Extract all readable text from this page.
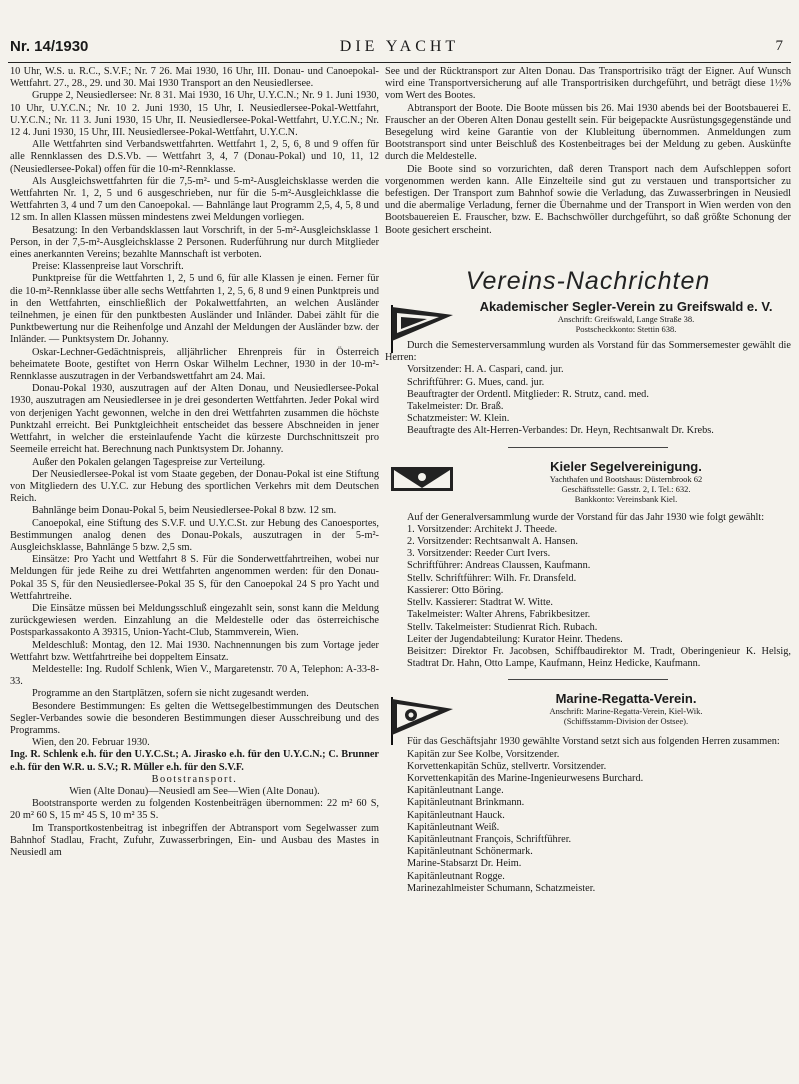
Nr. 14/1930	DIE YACHT	7

10 Uhr, W.S. u. R.C., S.V.F.; Nr. 7 26. Mai 1930, 16 Uhr, III. Donau- und Canoepokal-Wettfahrt. 27., 28., 29. und 30. Mai 1930 Transport an den Neusiedlersee.

Gruppe 2, Neusiedlersee: Nr. 8 31. Mai 1930, 16 Uhr, U.Y.C.N.; Nr. 9 1. Juni 1930, 10 Uhr, U.Y.C.N.; Nr. 10 2. Juni 1930, 15 Uhr, I. Neusiedlersee-Pokal-Wettfahrt, U.Y.C.N.; Nr. 11 3. Juni 1930, 15 Uhr, II. Neusiedlersee-Pokal-Wettfahrt, U.Y.C.N.; Nr. 12 4. Juni 1930, 15 Uhr, III. Neusiedlersee-Pokal-Wettfahrt, U.Y.C.N.

Alle Wettfahrten sind Verbandswettfahrten. Wettfahrt 1, 2, 5, 6, 8 und 9 offen für alle Rennklassen des D.S.Vb. — Wettfahrt 3, 4, 7 (Donau-Pokal) und 10, 11, 12 (Neusiedlersee-Pokal) offen für die 10-m²-Rennklasse.

Als Ausgleichswettfahrten für die 7,5-m²- und 5-m²-Ausgleichsklasse werden die Wettfahrten Nr. 1, 2, 5 und 6 ausgeschrieben, nur für die 5-m²-Ausgleichklasse die Wettfahrten 3, 4 und 7 um den Canoepokal. — Bahnlänge laut Programm 2,5, 4, 5, 8 und 12 sm. In allen Klassen müssen mindestens zwei Meldungen vorliegen.

Besatzung: In den Verbandsklassen laut Vorschrift, in der 5-m²-Ausgleichsklasse 1 Person, in der 7,5-m²-Ausgleichsklasse 2 Personen. Ruderführung nur durch Mitglieder eines anerkannten Vereins; bezahlte Mannschaft ist verboten.

Preise: Klassenpreise laut Vorschrift.

Punktpreise für die Wettfahrten 1, 2, 5 und 6, für alle Klassen je einen. Ferner für die 10-m²-Rennklasse über alle sechs Wettfahrten 1, 2, 5, 6, 8 und 9 einen Punktpreis und in den Wettfahrten, einschließlich der Pokalwettfahrten, an welchen Ausländer teilnehmen, je einen für den punktbesten Ausländer und Inländer. Dabei zählt für die Punktbewertung nur die Reihenfolge und Anzahl der Meldungen der Ausländer bzw. der Inländer. — Punktsystem Dr. Johanny.

Oskar-Lechner-Gedächtnispreis, alljährlicher Ehrenpreis für in Österreich beheimatete Boote, gestiftet von Herrn Oskar Wilhelm Lechner, 1930 in der 10-m²-Rennklasse auszutragen in der Verbandswettfahrt am 24. Mai.

Donau-Pokal 1930, auszutragen auf der Alten Donau, und Neusiedlersee-Pokal 1930, auszutragen am Neusiedlersee in je drei gesonderten Wettfahrten. Jeder Pokal wird von derjenigen Yacht gewonnen, welche in den drei Wettfahrten zusammen die höchste Punktzahl erreicht. Bei Punktgleichheit entscheidet das bessere Abschneiden in jener Wettfahrt, in welcher die ersteinlaufende Yacht die kürzeste Durchschnittszeit pro Seemeile erreicht hat. Berechnung nach Punktsystem Dr. Johanny.

Außer den Pokalen gelangen Tagespreise zur Verteilung.

Der Neusiedlersee-Pokal ist vom Staate gegeben, der Donau-Pokal ist eine Stiftung von Mitgliedern des U.Y.C. zur Hebung des sportlichen Verkehrs mit dem Deutschen Reich.

Bahnlänge beim Donau-Pokal 5, beim Neusiedlersee-Pokal 8 bzw. 12 sm.

Canoepokal, eine Stiftung des S.V.F. und U.Y.C.St. zur Hebung des Canoesportes, Bestimmungen analog denen des Donau-Pokals, auszutragen in der 5-m²-Ausgleichsklasse, Bahnlänge 5 bzw. 2,5 sm.

Einsätze: Pro Yacht und Wettfahrt 8 S. Für die Sonderwettfahrtreihen, wobei nur Meldungen für jede Reihe zu drei Wettfahrten angenommen werden: für den Donau-Pokal 35 S, für den Neusiedlersee-Pokal 35 S, für den Canoepokal 24 S pro Yacht und Wettfahrtreihe.

Die Einsätze müssen bei Meldungsschluß eingezahlt sein, sonst kann die Meldung zurückgewiesen werden. Einzahlung an die Meldestelle oder das österreichische Postsparkassakonto A 39315, Union-Yacht-Club, Stammverein, Wien.

Meldeschluß: Montag, den 12. Mai 1930. Nachnennungen bis zum Vortage jeder Wettfahrt bzw. Wettfahrtreihe bei doppeltem Einsatz.

Meldestelle: Ing. Rudolf Schlenk, Wien V., Margaretenstr. 70 A, Telephon: A-33-8-33.

Programme an den Startplätzen, sofern sie nicht zugesandt werden.

Besondere Bestimmungen: Es gelten die Wettsegelbestimmungen des Deutschen Segler-Verbandes sowie die besonderen Bestimmungen dieser Ausschreibung und des Programms.

Wien, den 20. Februar 1930.

Ing. R. Schlenk e.h. für den U.Y.C.St.; A. Jirasko e.h. für den U.Y.C.N.; C. Brunner e.h. für den W.R. u. S.V.; R. Müller e.h. für den S.V.F.

Bootstransport.

Wien (Alte Donau)—Neusiedl am See—Wien (Alte Donau).

Bootstransporte werden zu folgenden Kostenbeiträgen übernommen: 22 m² 60 S, 20 m² 60 S, 15 m² 45 S, 10 m² 35 S.

Im Transportkostenbeitrag ist inbegriffen der Abtransport vom Segelwasser zum Bahnhof Stadlau, Fracht, Zufuhr, Zuwasserbringen, Ein- und Ausbau des Mastes in Neusiedl am

See und der Rücktransport zur Alten Donau. Das Transportrisiko trägt der Eigner. Auf Wunsch wird eine Transportversicherung auf alle Transportrisiken durchgeführt, und beträgt diese 1½% vom Wert des Bootes.

Abtransport der Boote. Die Boote müssen bis 26. Mai 1930 abends bei der Bootsbauerei E. Frauscher an der Oberen Alten Donau gestellt sein. Für beigepackte Ausrüstungsgegenstände und Besegelung wird keine Garantie von der Klubleitung übernommen. Anmeldungen zum Bootstransport sind unter Beischluß des Kostenbeitrages bei der Meldung zu geben. Auskünfte durch die Meldestelle.

Die Boote sind so vorzurichten, daß deren Transport nach dem Aufschleppen sofort vorgenommen werden kann. Alle Einzelteile sind gut zu verstauen und transportsicher zu befestigen. Der Transport zum Bahnhof sowie die Verladung, das Zuwasserbringen in Neusiedl und die abermalige Verladung, ferner die Übernahme und der Transport in Wien werden von den Bootsbauereien E. Frauscher, bzw. E. Bachschwöller durchgeführt, so daß größte Schonung der Boote gesichert erscheint.

Vereins-Nachrichten
Akademischer Segler-Verein zu Greifswald e. V.
Anschrift: Greifswald, Lange Straße 38.
Postscheckkonto: Stettin 638.

Durch die Semesterversammlung wurden als Vorstand für das Sommersemester gewählt die Herren:

Vorsitzender: H. A. Caspari, cand. jur.

Schriftführer: G. Mues, cand. jur.

Beauftragter der Ordentl. Mitglieder: R. Strutz, cand. med.

Takelmeister: Dr. Braß.

Schatzmeister: W. Klein.

Beauftragte des Alt-Herren-Verbandes: Dr. Heyn, Rechtsanwalt Dr. Krebs.

Kieler Segelvereinigung.
Yachthafen und Bootshaus: Düsternbrook 62
Geschäftsstelle: Gasstr. 2, I. Tel.: 632.
Bankkonto: Vereinsbank Kiel.

Auf der Generalversammlung wurde der Vorstand für das Jahr 1930 wie folgt gewählt:

1. Vorsitzender: Architekt J. Theede.

2. Vorsitzender: Rechtsanwalt A. Hansen.

3. Vorsitzender: Reeder Curt Ivers.

Schriftführer: Andreas Claussen, Kaufmann.

Stellv. Schriftführer: Wilh. Fr. Dransfeld.

Kassierer: Otto Böring.

Stellv. Kassierer: Stadtrat W. Witte.

Takelmeister: Walter Ahrens, Fabrikbesitzer.

Stellv. Takelmeister: Studienrat Rich. Rubach.

Leiter der Jugendabteilung: Kurator Heinr. Thedens.

Beisitzer: Direktor Fr. Jacobsen, Schiffbaudirektor M. Tradt, Oberingenieur K. Helsig, Stadtrat Dr. Hahn, Otto Lampe, Kaufmann, Heinz Hedicke, Kaufmann.

Marine-Regatta-Verein.
Anschrift: Marine-Regatta-Verein, Kiel-Wik.
(Schiffsstamm-Division der Ostsee).

Für das Geschäftsjahr 1930 gewählte Vorstand setzt sich aus folgenden Herren zusammen:

Kapitän zur See Kolbe, Vorsitzender.

Korvettenkapitän Schüz, stellvertr. Vorsitzender.

Korvettenkapitän des Marine-Ingenieurwesens Burchard.

Kapitänleutnant Lange.

Kapitänleutnant Brinkmann.

Kapitänleutnant Hauck.

Kapitänleutnant Weiß.

Kapitänleutnant François, Schriftführer.

Kapitänleutnant Schönermark.

Marine-Stabsarzt Dr. Heim.

Kapitänleutnant Rogge.

Marinezahlmeister Schumann, Schatzmeister.
